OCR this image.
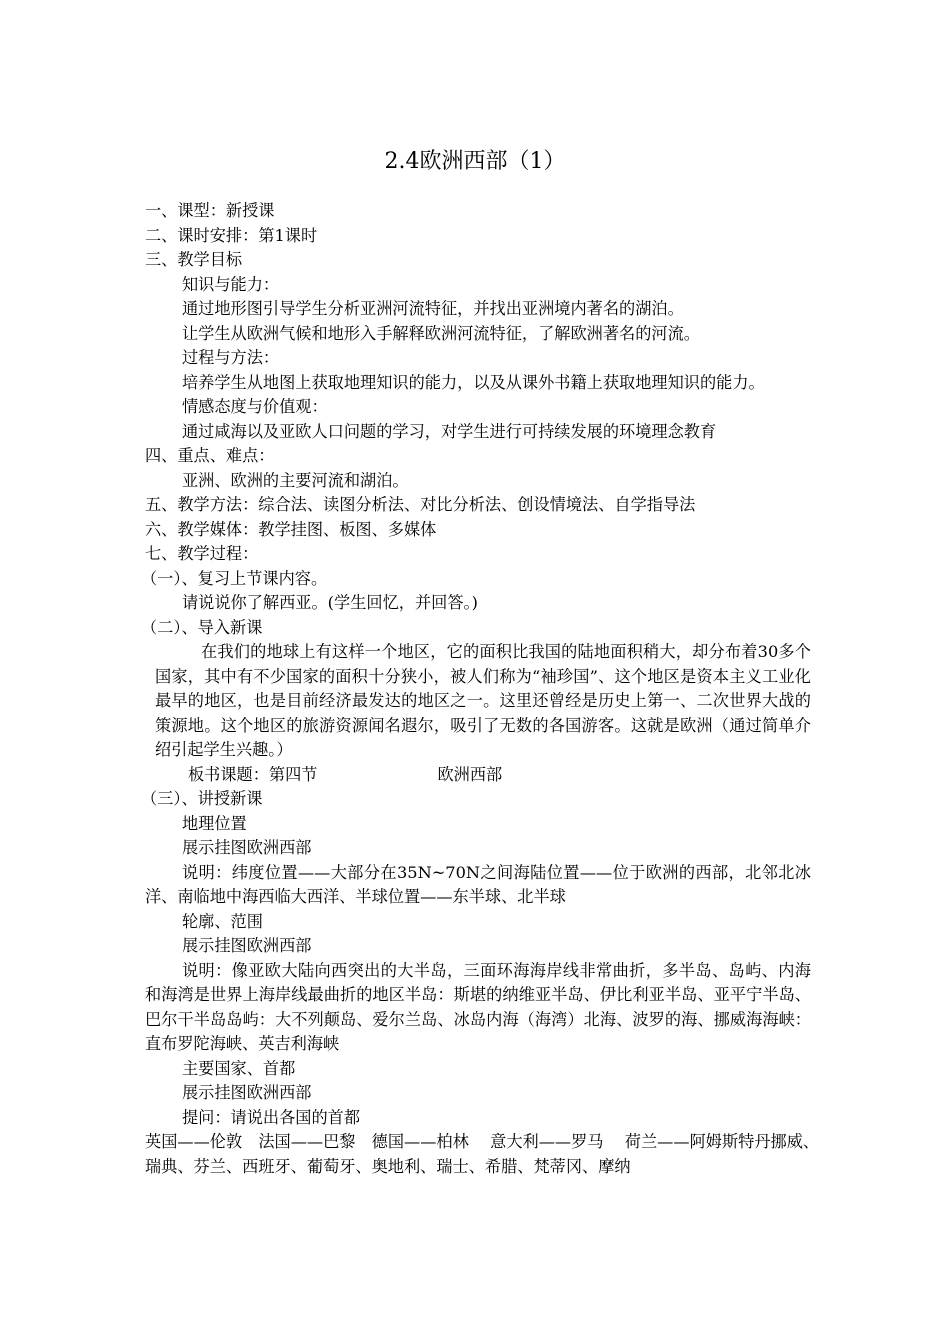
2.4欧洲西部（1）

一、课型：新授课

二、课时安排：第1课时

三、教学目标

知识与能力：

通过地形图引导学生分析亚洲河流特征，并找出亚洲境内著名的湖泊。

让学生从欧洲气候和地形入手解释欧洲河流特征，了解欧洲著名的河流。

过程与方法：

培养学生从地图上获取地理知识的能力，以及从课外书籍上获取地理知识的能力。

情感态度与价值观：

通过咸海以及亚欧人口问题的学习，对学生进行可持续发展的环境理念教育

四、重点、难点：

亚洲、欧洲的主要河流和湖泊。

五、教学方法：综合法、读图分析法、对比分析法、创设情境法、自学指导法

六、教学媒体：教学挂图、板图、多媒体

七、教学过程：

（一）、复习上节课内容。

请说说你了解西亚。(学生回忆，并回答。)

（二）、导入新课

在我们的地球上有这样一个地区，它的面积比我国的陆地面积稍大，却分布着30多个国家，其中有不少国家的面积十分狭小，被人们称为“袖珍国”、这个地区是资本主义工业化最早的地区，也是目前经济最发达的地区之一。这里还曾经是历史上第一、二次世界大战的策源地。这个地区的旅游资源闻名遐尔，吸引了无数的各国游客。这就是欧洲（通过简单介绍引起学生兴趣。）

板书课题：第四节	欧洲西部

（三）、讲授新课

地理位置

展示挂图欧洲西部

说明：纬度位置——大部分在35N~70N之间海陆位置——位于欧洲的西部，北邻北冰洋、南临地中海西临大西洋、半球位置——东半球、北半球

轮廓、范围

展示挂图欧洲西部

说明：像亚欧大陆向西突出的大半岛，三面环海海岸线非常曲折，多半岛、岛屿、内海和海湾是世界上海岸线最曲折的地区半岛：斯堪的纳维亚半岛、伊比利亚半岛、亚平宁半岛、巴尔干半岛岛屿：大不列颠岛、爱尔兰岛、冰岛内海（海湾）北海、波罗的海、挪威海海峡：直布罗陀海峡、英吉利海峡

主要国家、首都

展示挂图欧洲西部

提问：请说出各国的首都

英国——伦敦　法国——巴黎　德国——柏林　 意大利——罗马　 荷兰——阿姆斯特丹挪威、　瑞典、芬兰、西班牙、葡萄牙、奥地利、瑞士、希腊、梵蒂冈、摩纳
